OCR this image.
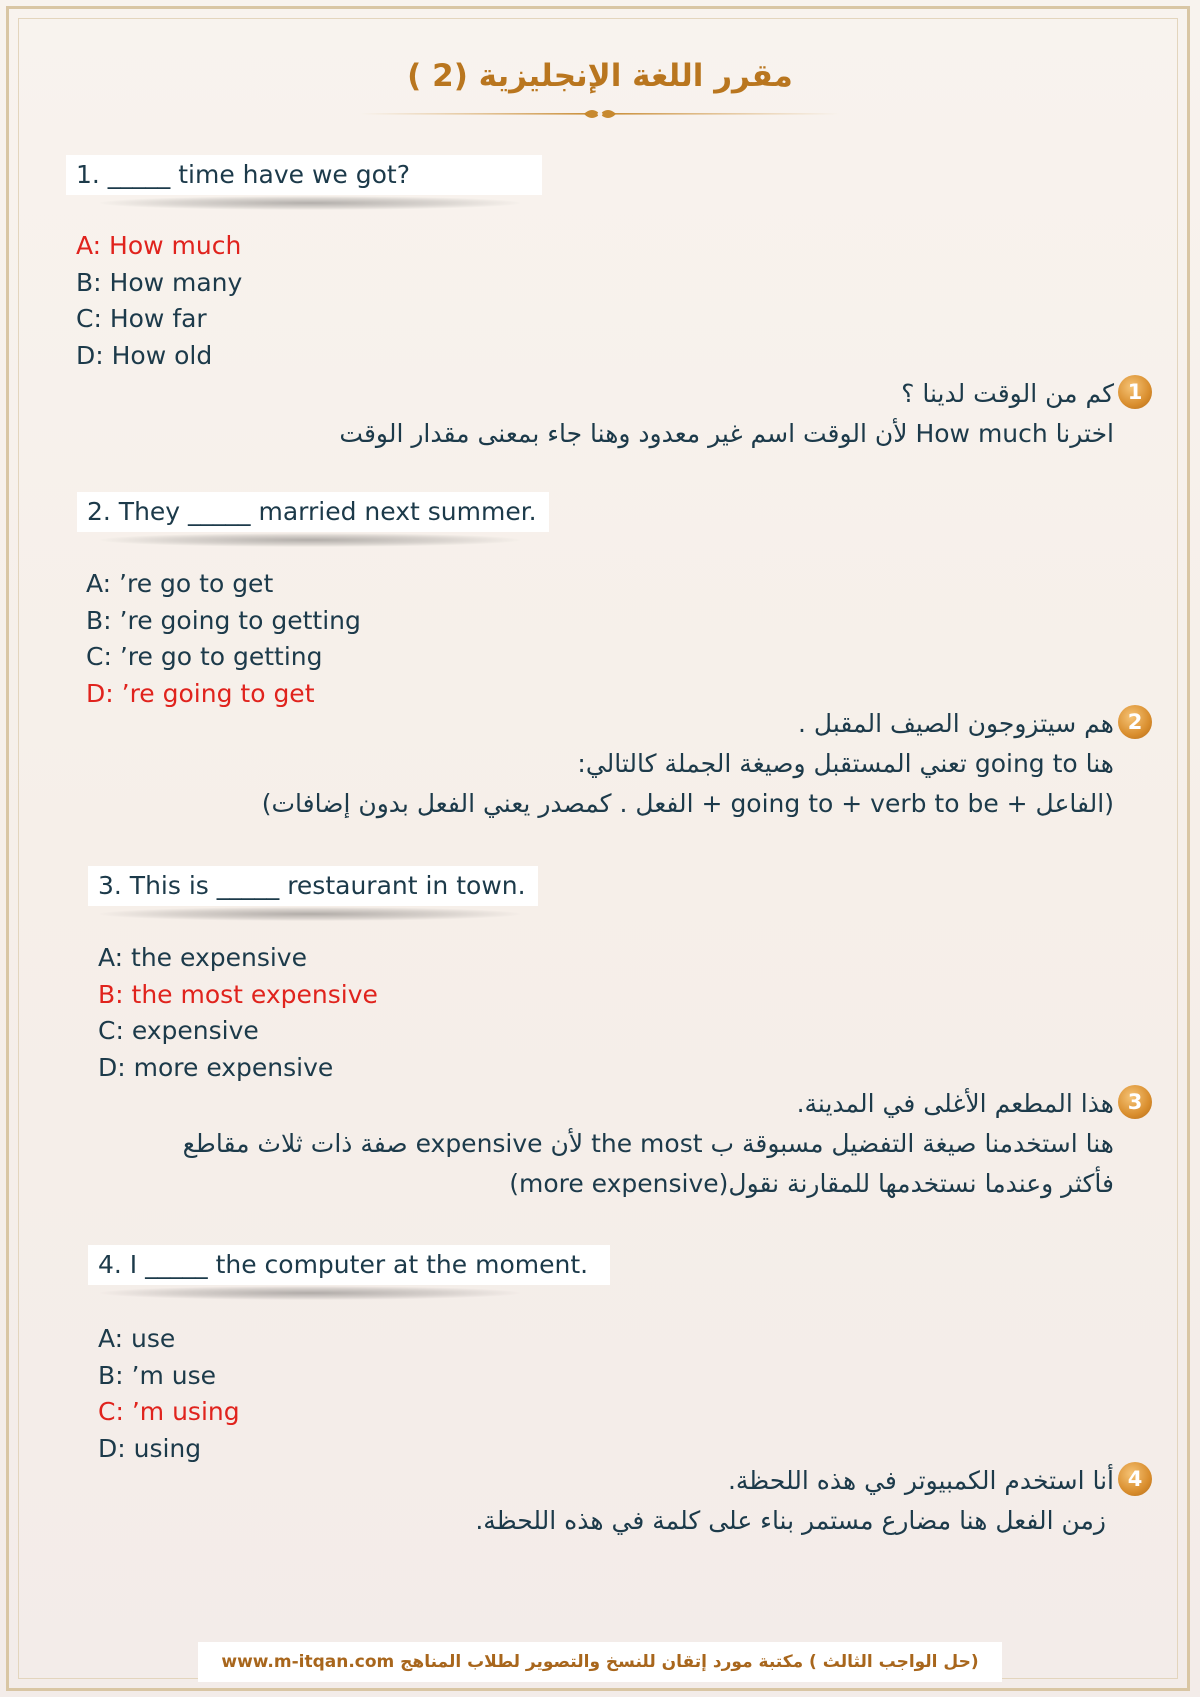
مقرر اللغة الإنجليزية (2 )
1. _____ time have we got?
A: How much
B: How many
C: How far
D: How old
1كم من الوقت لدينا ؟
اخترنا How much لأن الوقت اسم غير معدود وهنا جاء بمعنى مقدار الوقت
2. They _____ married next summer.
A: ’re go to get
B: ’re going to getting
C: ’re go to getting
D: ’re going to get
2هم سيتزوجون الصيف المقبل .
هنا going to تعني المستقبل وصيغة الجملة كالتالي:
(الفاعل + going to + verb to be + الفعل . كمصدر يعني الفعل بدون إضافات)
3. This is _____ restaurant in town.
A: the expensive
B: the most expensive
C: expensive
D: more expensive
3هذا المطعم الأغلى في المدينة.
هنا استخدمنا صيغة التفضيل مسبوقة ب the most لأن expensive صفة ذات ثلاث مقاطع
فأكثر وعندما نستخدمها للمقارنة نقول(more expensive)
4. I _____ the computer at the moment.
A: use
B: ’m use
C: ’m using
D: using
4أنا استخدم الكمبيوتر في هذه اللحظة.
زمن الفعل هنا مضارع مستمر بناء على كلمة في هذه اللحظة.
(حل الواجب الثالث ) مكتبة مورد إتقان للنسخ والتصوير لطلاب المناهج www.m-itqan.com
